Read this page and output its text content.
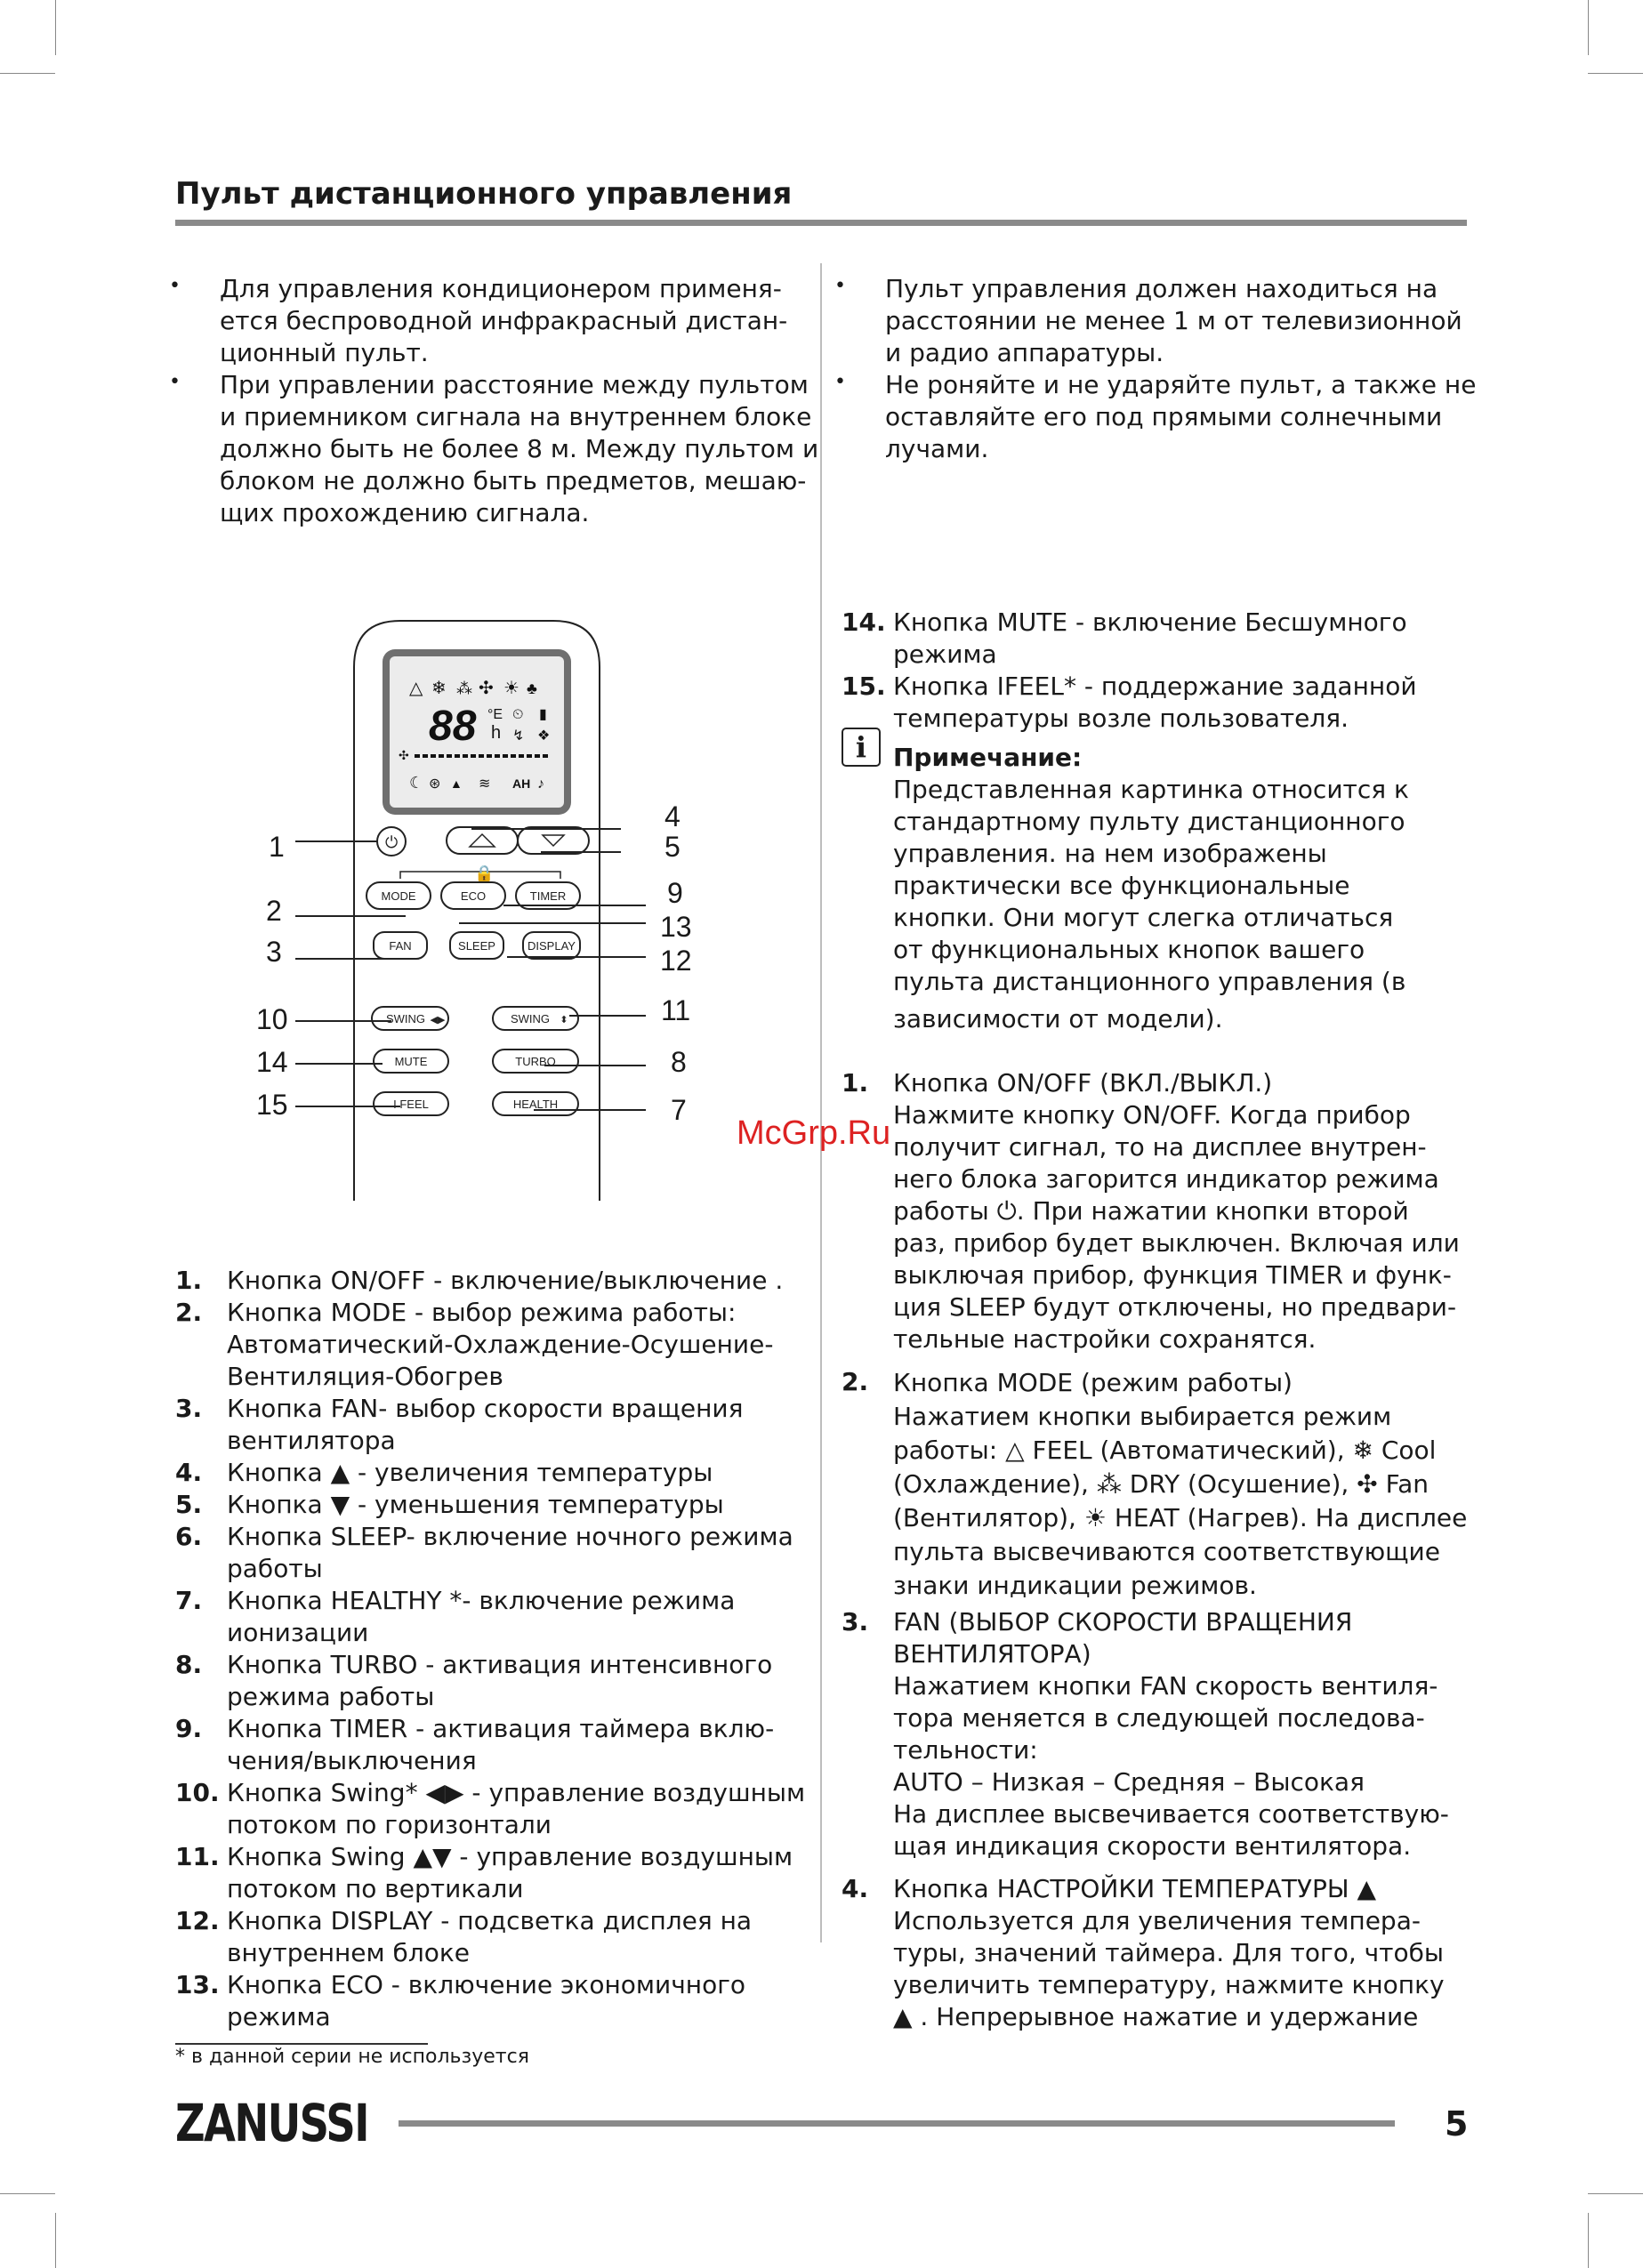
Пульт дистанционного управления
• Для управления кондиционером применя-
ется беспроводной инфракрасный дистан-
ционный пульт.
• При управлении расстояние между пультом
и приемником сигнала на внутреннем блоке
должно быть не более 8 м. Между пультом и
блоком не должно быть предметов, мешаю-
щих прохождению сигнала.
• Пульт управления должен находиться на
расстоянии не менее 1 м от телевизионной
и радио аппаратуры.
• Не роняйте и не ударяйте пульт, а также не
оставляйте его под прямыми солнечными
лучами.
△ ❄ ⁂ ✣ ☀ ♣
88 °E
h
⏲ ▮
↯ ❖
✣
☾ ⊛ ▲ ≋ AH ♪
⏻
🔒
MODE	ECO	TIMER
FAN	SLEEP	DISPLAY
SWING ◀▶	SWING ⬍
MUTE	TURBO
I FEEL	HEALTH
1
4
5
2
3
9
13
12
10	11
14	8
15	7
1. Кнопка ON/OFF - включение/выключение .
2. Кнопка MODE - выбор режима работы:
Автоматический-Охлаждение-Осушение-
Вентиляция-Обогрев
3. Кнопка FAN- выбор скорости вращения
вентилятора
4. Кнопка ▲ - увеличения температуры
5. Кнопка ▼ - уменьшения температуры
6. Кнопка SLEEP- включение ночного режима
работы
7. Кнопка HEALTHY *- включение режима
ионизации
8. Кнопка TURBO - активация интенсивного
режима работы
9. Кнопка TIMER - активация таймера вклю-
чения/выключения
10. Кнопка Swing* ◀▶ - управление воздушным
потоком по горизонтали
11. Кнопка Swing ▲▼ - управление воздушным
потоком по вертикали
12. Кнопка DISPLAY - подсветка дисплея на
внутреннем блоке
13. Кнопка ECO - включение экономичного
режима
14. Кнопка MUTE - включение Бесшумного
режима
15. Кнопка IFEEL* - поддержание заданной
температуры возле пользователя.
i	Примечание:
Представленная картинка относится к
стандартному пульту дистанционного
управления. на нем изображены
практически все функциональные
кнопки. Они могут слегка отличаться
от функциональных кнопок вашего
пульта дистанционного управления (в
зависимости от модели).
1. Кнопка ON/OFF (ВКЛ./ВЫКЛ.)
Нажмите кнопку ON/OFF. Когда прибор
получит сигнал, то на дисплее внутрен-
него блока загорится индикатор режима
работы ⏻. При нажатии кнопки второй
раз, прибор будет выключен. Включая или
выключая прибор, функция TIMER и функ-
ция SLEEP будут отключены, но предвари-
тельные настройки сохранятся.
2. Кнопка MODE (режим работы)
Нажатием кнопки выбирается режим
работы: △ FEEL (Автоматический), ❄ Cool
(Охлаждение), ⁂ DRY (Осушение), ✣ Fan
(Вентилятор), ☀ HEAT (Нагрев). На дисплее
пульта высвечиваются соответствующие
знаки индикации режимов.
3. FAN (ВЫБОР СКОРОСТИ ВРАЩЕНИЯ
ВЕНТИЛЯТОРА)
Нажатием кнопки FAN скорость вентиля-
тора меняется в следующей последова-
тельности:
AUTO – Низкая – Средняя – Высокая
На дисплее высвечивается соответствую-
щая индикация скорости вентилятора.
4. Кнопка НАСТРОЙКИ ТЕМПЕРАТУРЫ ▲
Используется для увеличения темпера-
туры, значений таймера. Для того, чтобы
увеличить температуру, нажмите кнопку
▲ . Непрерывное нажатие и удержание
McGrp.Ru
* в данной серии не используется
ZANUSSI	5
